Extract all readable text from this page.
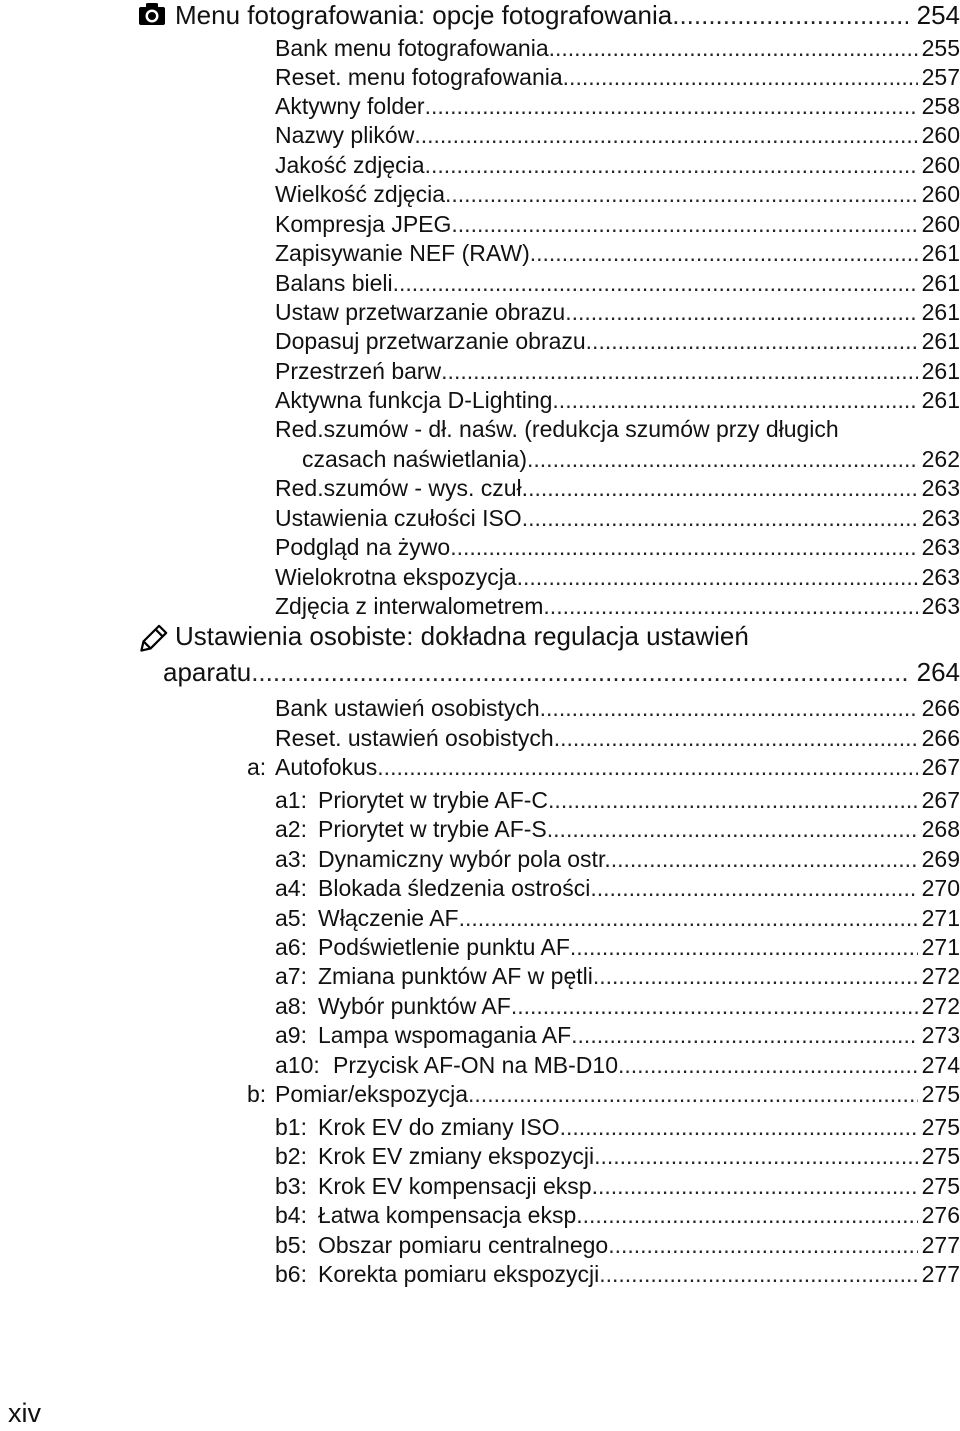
Menu fotografowania: opcje fotografowania .....	254
Bank menu fotografowania .....	255
Reset. menu fotografowania .....	257
Aktywny folder .....	258
Nazwy plików .....	260
Jakość zdjęcia .....	260
Wielkość zdjęcia .....	260
Kompresja JPEG .....	260
Zapisywanie NEF (RAW) .....	261
Balans bieli .....	261
Ustaw przetwarzanie obrazu .....	261
Dopasuj przetwarzanie obrazu .....	261
Przestrzeń barw .....	261
Aktywna funkcja D-Lighting .....	261
Red.szumów - dł. naśw. (redukcja szumów przy długich
czasach naświetlania) .....	262
Red.szumów - wys. czuł. .....	263
Ustawienia czułości ISO .....	263
Podgląd na żywo .....	263
Wielokrotna ekspozycja .....	263
Zdjęcia z interwalometrem .....	263
Ustawienia osobiste: dokładna regulacja ustawień
aparatu .....	264
Bank ustawień osobistych .....	266
Reset. ustawień osobistych .....	266
a: Autofokus .....	267
a1: Priorytet w trybie AF-C .....	267
a2: Priorytet w trybie AF-S .....	268
a3: Dynamiczny wybór pola ostr. .....	269
a4: Blokada śledzenia ostrości .....	270
a5: Włączenie AF .....	271
a6: Podświetlenie punktu AF .....	271
a7: Zmiana punktów AF w pętli .....	272
a8: Wybór punktów AF .....	272
a9: Lampa wspomagania AF .....	273
a10: Przycisk AF-ON na MB-D10 .....	274
b: Pomiar/ekspozycja .....	275
b1: Krok EV do zmiany ISO .....	275
b2: Krok EV zmiany ekspozycji .....	275
b3: Krok EV kompensacji eksp. .....	275
b4: Łatwa kompensacja eksp. .....	276
b5: Obszar pomiaru centralnego .....	277
b6: Korekta pomiaru ekspozycji .....	277
xiv
